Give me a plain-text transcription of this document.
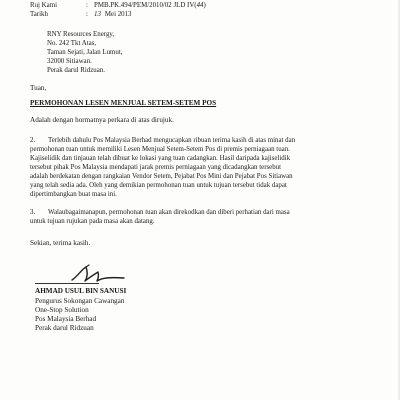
Ruj Kami	: PMB.PK.494/PEM/2010/02 JLD IV(44)
Tarikh	: 13 Mei 2013
RNY Resources Energy,
No. 242 Tkt Atas,
Taman Sejati, Jalan Lumut,
32000 Sitiawan.
Perak darul Ridzuan.
Tuan,
PERMOHONAN LESEN MENJUAL SETEM-SETEM POS
Adalah dengan hormatnya perkara di atas dirujuk.
2. Terlebih dahulu Pos Malaysia Berhad mengucapkan ribuan terima kasih di atas minat dan
permohonan tuan untuk memiliki Lesen Menjual Setem-Setem Pos di premis perniagaan tuan.
Kajiselidik dan tinjauan telah dibuat ke lokasi yang tuan cadangkan. Hasil daripada kajiselidik
tersebut pihak Pos Malaysia mendapati jarak premis perniagaan yang dicadangkan tersebut
adalah berdekatan dengan rangkaian Vendor Setem, Pejabat Pos Mini dan Pejabat Pos Sitiawan
yang telah sedia ada. Oleh yang demikian permohonan tuan untuk tujuan tersebut tidak dapat
dipertimbangkan buat masa ini.
3. Walaubagaimanapun, permohonan tuan akan direkodkan dan diberi perhatian dari masa
untuk tujuan rujukan pada masa akan datang.
Sekian, terima kasih.
AHMAD USUL BIN SANUSI
Pengurus Sokongan Cawangan
One-Stop Solution
Pos Malaysia Berhad
Perak darul Ridzuan
